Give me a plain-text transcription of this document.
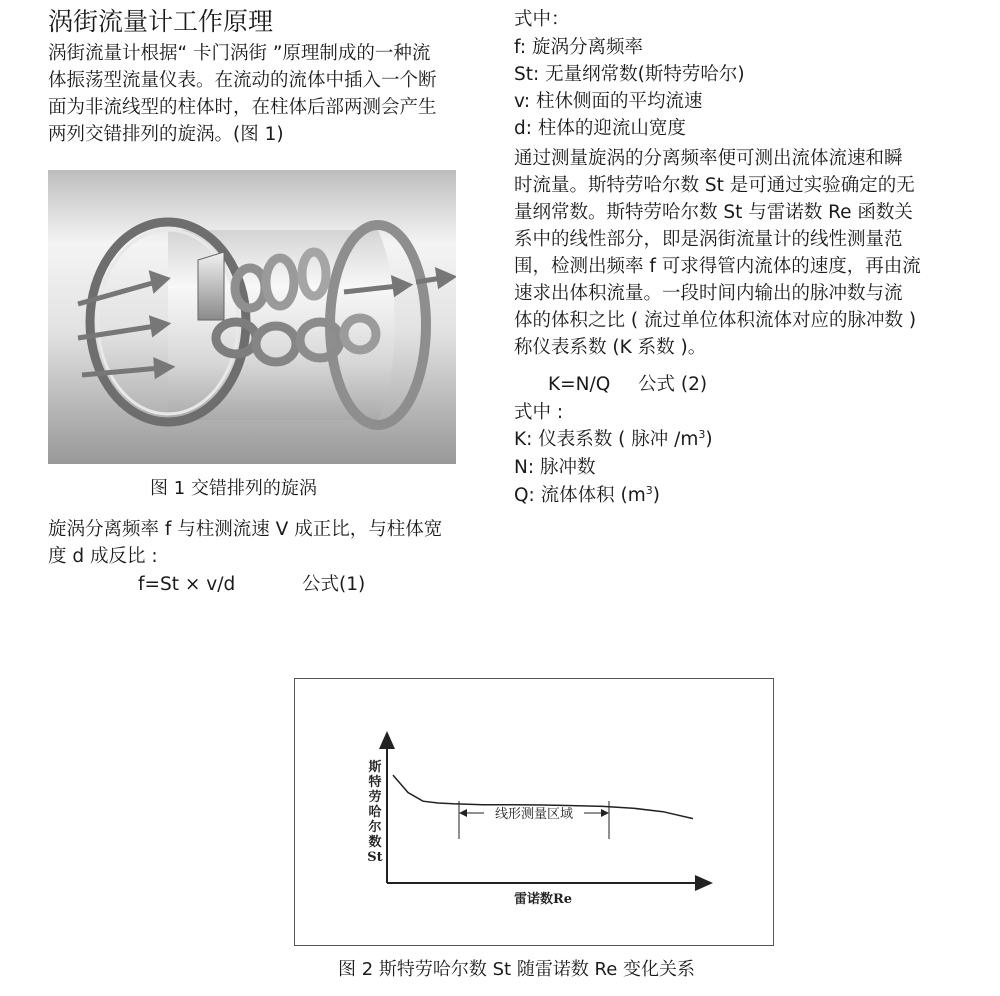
涡街流量计工作原理
涡街流量计根据“ 卡门涡街 ”原理制成的一种流
体振荡型流量仪表。在流动的流体中插入一个断
面为非流线型的柱体时，在柱体后部两测会产生
两列交错排列的旋涡。(图 1)
图 1 交错排列的旋涡
旋涡分离频率 f 与柱测流速 V 成正比，与柱体宽
度 d 成反比 :
f=St × v/d	公式(1)
式中：
f: 旋涡分离频率
St: 无量纲常数(斯特劳哈尔)
v: 柱休侧面的平均流速
d: 柱体的迎流山宽度
通过测量旋涡的分离频率便可测出流体流速和瞬
时流量。斯特劳哈尔数 St 是可通过实验确定的无
量纲常数。斯特劳哈尔数 St 与雷诺数 Re 函数关
系中的线性部分，即是涡街流量计的线性测量范
围，检测出频率 f 可求得管内流体的速度，再由流
速求出体积流量。一段时间内输出的脉冲数与流
体的体积之比 ( 流过单位体积流体对应的脉冲数 )
称仪表系数 (K 系数 )。
K=N/Q 公式 (2)
式中 :
K: 仪表系数 ( 脉冲 $/m^3$)
N: 脉冲数
Q: 流体体积 $(m^3)$
斯
特
劳
哈
尔
数
St
雷诺数Re
线形测量区域
图 2 斯特劳哈尔数 St 随雷诺数 Re 变化关系
